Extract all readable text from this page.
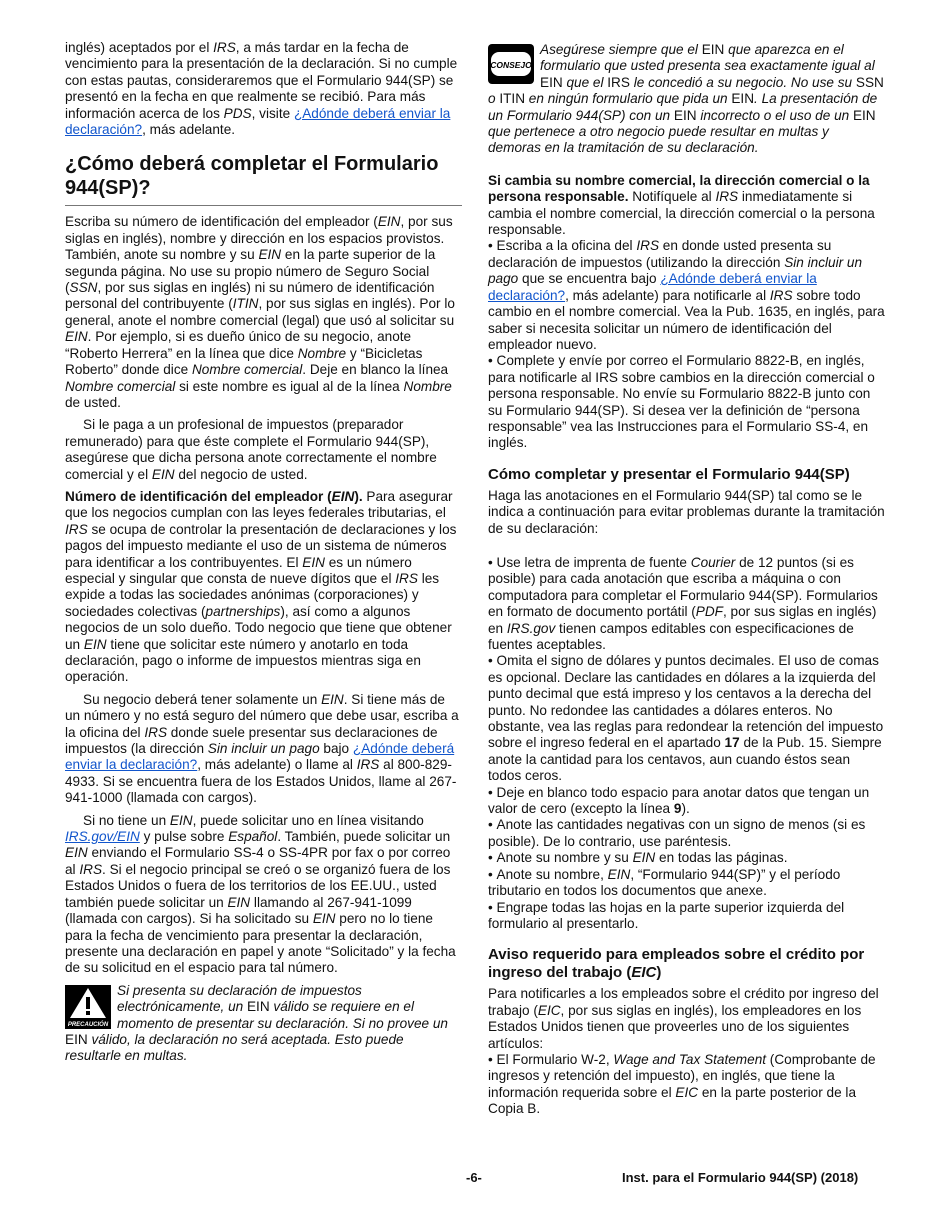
inglés) aceptados por el IRS, a más tardar en la fecha de vencimiento para la presentación de la declaración. Si no cumple con estas pautas, consideraremos que el Formulario 944(SP) se presentó en la fecha en que realmente se recibió. Para más información acerca de los PDS, visite ¿Adónde deberá enviar la declaración?, más adelante.

¿Cómo deberá completar el Formulario 944(SP)?

Escriba su número de identificación del empleador (EIN, por sus siglas en inglés), nombre y dirección en los espacios provistos. También, anote su nombre y su EIN en la parte superior de la segunda página. No use su propio número de Seguro Social (SSN, por sus siglas en inglés) ni su número de identificación personal del contribuyente (ITIN, por sus siglas en inglés). Por lo general, anote el nombre comercial (legal) que usó al solicitar su EIN. Por ejemplo, si es dueño único de su negocio, anote “Roberto Herrera” en la línea que dice Nombre y “Bicicletas Roberto” donde dice Nombre comercial. Deje en blanco la línea Nombre comercial si este nombre es igual al de la línea Nombre de usted.

Si le paga a un profesional de impuestos (preparador remunerado) para que éste complete el Formulario 944(SP), asegúrese que dicha persona anote correctamente el nombre comercial y el EIN del negocio de usted.

Número de identificación del empleador (EIN). Para asegurar que los negocios cumplan con las leyes federales tributarias, el IRS se ocupa de controlar la presentación de declaraciones y los pagos del impuesto mediante el uso de un sistema de números para identificar a los contribuyentes. El EIN es un número especial y singular que consta de nueve dígitos que el IRS les expide a todas las sociedades anónimas (corporaciones) y sociedades colectivas (partnerships), así como a algunos negocios de un solo dueño. Todo negocio que tiene que obtener un EIN tiene que solicitar este número y anotarlo en toda declaración, pago o informe de impuestos mientras siga en operación.

Su negocio deberá tener solamente un EIN. Si tiene más de un número y no está seguro del número que debe usar, escriba a la oficina del IRS donde suele presentar sus declaraciones de impuestos (la dirección Sin incluir un pago bajo ¿Adónde deberá enviar la declaración?, más adelante) o llame al IRS al 800-829-4933. Si se encuentra fuera de los Estados Unidos, llame al 267-941-1000 (llamada con cargos).

Si no tiene un EIN, puede solicitar uno en línea visitando IRS.gov/EIN y pulse sobre Español. También, puede solicitar un EIN enviando el Formulario SS-4 o SS-4PR por fax o por correo al IRS. Si el negocio principal se creó o se organizó fuera de los Estados Unidos o fuera de los territorios de los EE.UU., usted también puede solicitar un EIN llamando al 267-941-1099 (llamada con cargos). Si ha solicitado su EIN pero no lo tiene para la fecha de vencimiento para presentar la declaración, presente una declaración en papel y anote “Solicitado” y la fecha de su solicitud en el espacio para tal número.

PRECAUCIÓN
Si presenta su declaración de impuestos electrónicamente, un EIN válido se requiere en el momento de presentar su declaración. Si no provee un EIN válido, la declaración no será aceptada. Esto puede resultarle en multas.
CONSEJO
Asegúrese siempre que el EIN que aparezca en el formulario que usted presenta sea exactamente igual al EIN que el IRS le concedió a su negocio. No use su SSN o ITIN en ningún formulario que pida un EIN. La presentación de un Formulario 944(SP) con un EIN incorrecto o el uso de un EIN que pertenece a otro negocio puede resultar en multas y demoras en la tramitación de su declaración.

Si cambia su nombre comercial, la dirección comercial o la persona responsable. Notifíquele al IRS inmediatamente si cambia el nombre comercial, la dirección comercial o la persona responsable.

• Escriba a la oficina del IRS en donde usted presenta su declaración de impuestos (utilizando la dirección Sin incluir un pago que se encuentra bajo ¿Adónde deberá enviar la declaración?, más adelante) para notificarle al IRS sobre todo cambio en el nombre comercial. Vea la Pub. 1635, en inglés, para saber si necesita solicitar un número de identificación del empleador nuevo.

• Complete y envíe por correo el Formulario 8822-B, en inglés, para notificarle al IRS sobre cambios en la dirección comercial o persona responsable. No envíe su Formulario 8822-B junto con su Formulario 944(SP). Si desea ver la definición de “persona responsable” vea las Instrucciones para el Formulario SS-4, en inglés.

Cómo completar y presentar el Formulario 944(SP)

Haga las anotaciones en el Formulario 944(SP) tal como se le indica a continuación para evitar problemas durante la tramitación de su declaración:

• Use letra de imprenta de fuente Courier de 12 puntos (si es posible) para cada anotación que escriba a máquina o con computadora para completar el Formulario 944(SP). Formularios en formato de documento portátil (PDF, por sus siglas en inglés) en IRS.gov tienen campos editables con especificaciones de fuentes aceptables.

• Omita el signo de dólares y puntos decimales. El uso de comas es opcional. Declare las cantidades en dólares a la izquierda del punto decimal que está impreso y los centavos a la derecha del punto. No redondee las cantidades a dólares enteros. No obstante, vea las reglas para redondear la retención del impuesto sobre el ingreso federal en el apartado 17 de la Pub. 15. Siempre anote la cantidad para los centavos, aun cuando éstos sean todos ceros.

• Deje en blanco todo espacio para anotar datos que tengan un valor de cero (excepto la línea 9).

• Anote las cantidades negativas con un signo de menos (si es posible). De lo contrario, use paréntesis.

• Anote su nombre y su EIN en todas las páginas.

• Anote su nombre, EIN, “Formulario 944(SP)” y el período tributario en todos los documentos que anexe.

• Engrape todas las hojas en la parte superior izquierda del formulario al presentarlo.

Aviso requerido para empleados sobre el crédito por ingreso del trabajo (EIC)

Para notificarles a los empleados sobre el crédito por ingreso del trabajo (EIC, por sus siglas en inglés), los empleadores en los Estados Unidos tienen que proveerles uno de los siguientes artículos:

• El Formulario W-2, Wage and Tax Statement (Comprobante de ingresos y retención del impuesto), en inglés, que tiene la información requerida sobre el EIC en la parte posterior de la Copia B.

-6-	Inst. para el Formulario 944(SP) (2018)
